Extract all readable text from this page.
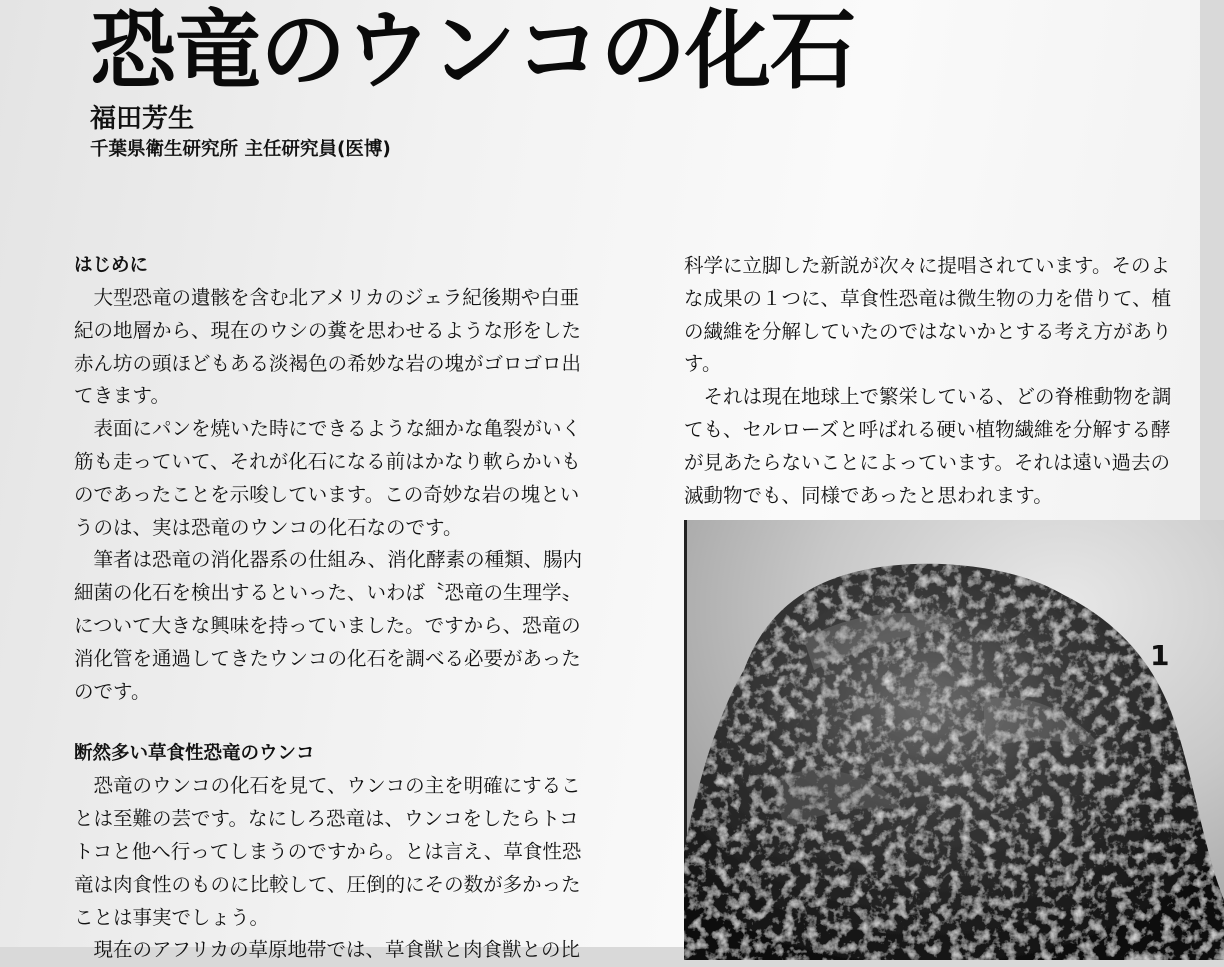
恐竜のウンコの化石
福田芳生
千葉県衛生研究所 主任研究員(医博)

はじめに

　大型恐竜の遺骸を含む北アメリカのジェラ紀後期や白亜

紀の地層から、現在のウシの糞を思わせるような形をした

赤ん坊の頭ほどもある淡褐色の希妙な岩の塊がゴロゴロ出

てきます。

　表面にパンを焼いた時にできるような細かな亀裂がいく

筋も走っていて、それが化石になる前はかなり軟らかいも

のであったことを示唆しています。この奇妙な岩の塊とい

うのは、実は恐竜のウンコの化石なのです。

　筆者は恐竜の消化器系の仕組み、消化酵素の種類、腸内

細菌の化石を検出するといった、いわば〝恐竜の生理学〟

について大きな興味を持っていました。ですから、恐竜の

消化管を通過してきたウンコの化石を調べる必要があった

のです。

断然多い草食性恐竜のウンコ

　恐竜のウンコの化石を見て、ウンコの主を明確にするこ

とは至難の芸です。なにしろ恐竜は、ウンコをしたらトコ

トコと他へ行ってしまうのですから。とは言え、草食性恐

竜は肉食性のものに比較して、圧倒的にその数が多かった

ことは事実でしょう。

　現在のアフリカの草原地帯では、草食獣と肉食獣との比

科学に立脚した新説が次々に提唱されています。そのよ

な成果の１つに、草食性恐竜は微生物の力を借りて、植

の繊維を分解していたのではないかとする考え方があり

す。

　それは現在地球上で繁栄している、どの脊椎動物を調

ても、セルローズと呼ばれる硬い植物繊維を分解する酵

が見あたらないことによっています。それは遠い過去の

滅動物でも、同様であったと思われます。

1
